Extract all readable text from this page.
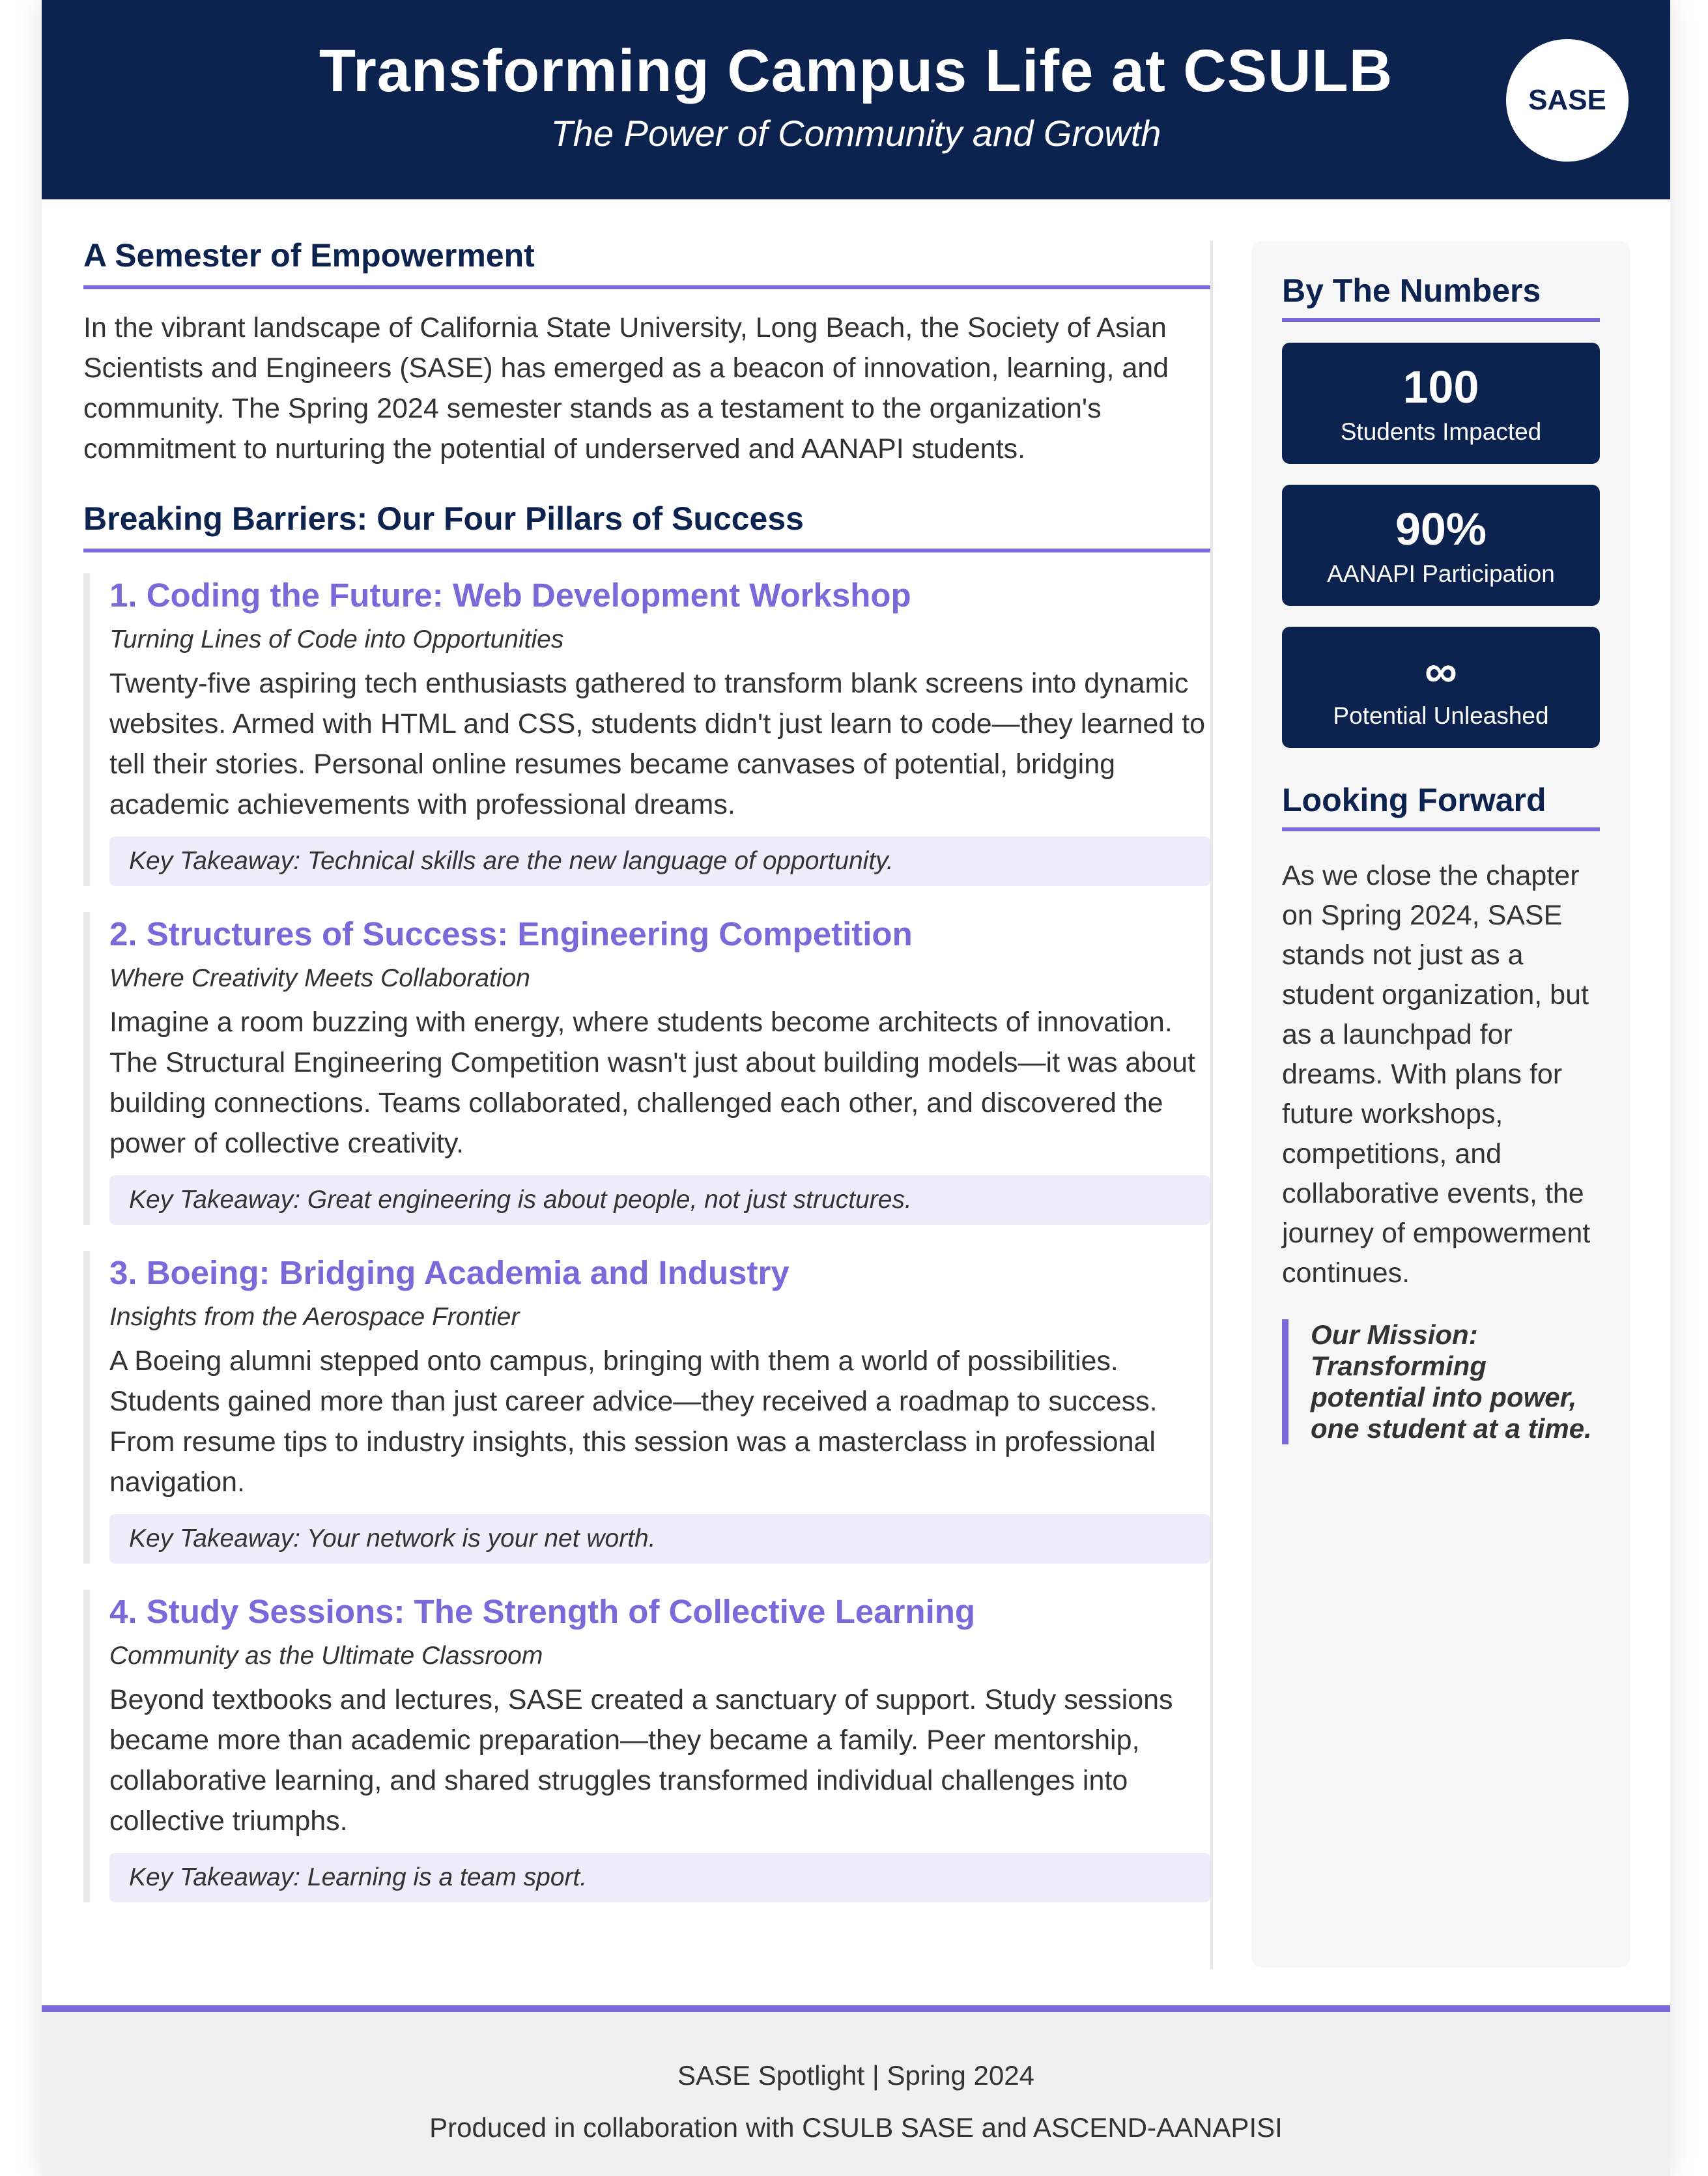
Transforming Campus Life at CSULB
The Power of Community and Growth
SASE
A Semester of Empowerment

In the vibrant landscape of California State University, Long Beach, the Society of Asian Scientists and Engineers (SASE) has emerged as a beacon of innovation, learning, and community. The Spring 2024 semester stands as a testament to the organization's commitment to nurturing the potential of underserved and AANAPI students.

Breaking Barriers: Our Four Pillars of Success
1. Coding the Future: Web Development Workshop
Turning Lines of Code into Opportunities

Twenty-five aspiring tech enthusiasts gathered to transform blank screens into dynamic websites. Armed with HTML and CSS, students didn't just learn to code—they learned to tell their stories. Personal online resumes became canvases of potential, bridging academic achievements with professional dreams.

Key Takeaway: Technical skills are the new language of opportunity.
2. Structures of Success: Engineering Competition
Where Creativity Meets Collaboration

Imagine a room buzzing with energy, where students become architects of innovation. The Structural Engineering Competition wasn't just about building models—it was about building connections. Teams collaborated, challenged each other, and discovered the power of collective creativity.

Key Takeaway: Great engineering is about people, not just structures.
3. Boeing: Bridging Academia and Industry
Insights from the Aerospace Frontier

A Boeing alumni stepped onto campus, bringing with them a world of possibilities. Students gained more than just career advice—they received a roadmap to success. From resume tips to industry insights, this session was a masterclass in professional navigation.

Key Takeaway: Your network is your net worth.
4. Study Sessions: The Strength of Collective Learning
Community as the Ultimate Classroom

Beyond textbooks and lectures, SASE created a sanctuary of support. Study sessions became more than academic preparation—they became a family. Peer mentorship, collaborative learning, and shared struggles transformed individual challenges into collective triumphs.

Key Takeaway: Learning is a team sport.
By The Numbers
100
Students Impacted
90%
AANAPI Participation
∞
Potential Unleashed
Looking Forward

As we close the chapter on Spring 2024, SASE stands not just as a student organization, but as a launchpad for dreams. With plans for future workshops, competitions, and collaborative events, the journey of empowerment continues.

Our Mission: Transforming potential into power, one student at a time.
SASE Spotlight | Spring 2024
Produced in collaboration with CSULB SASE and ASCEND-AANAPISI
